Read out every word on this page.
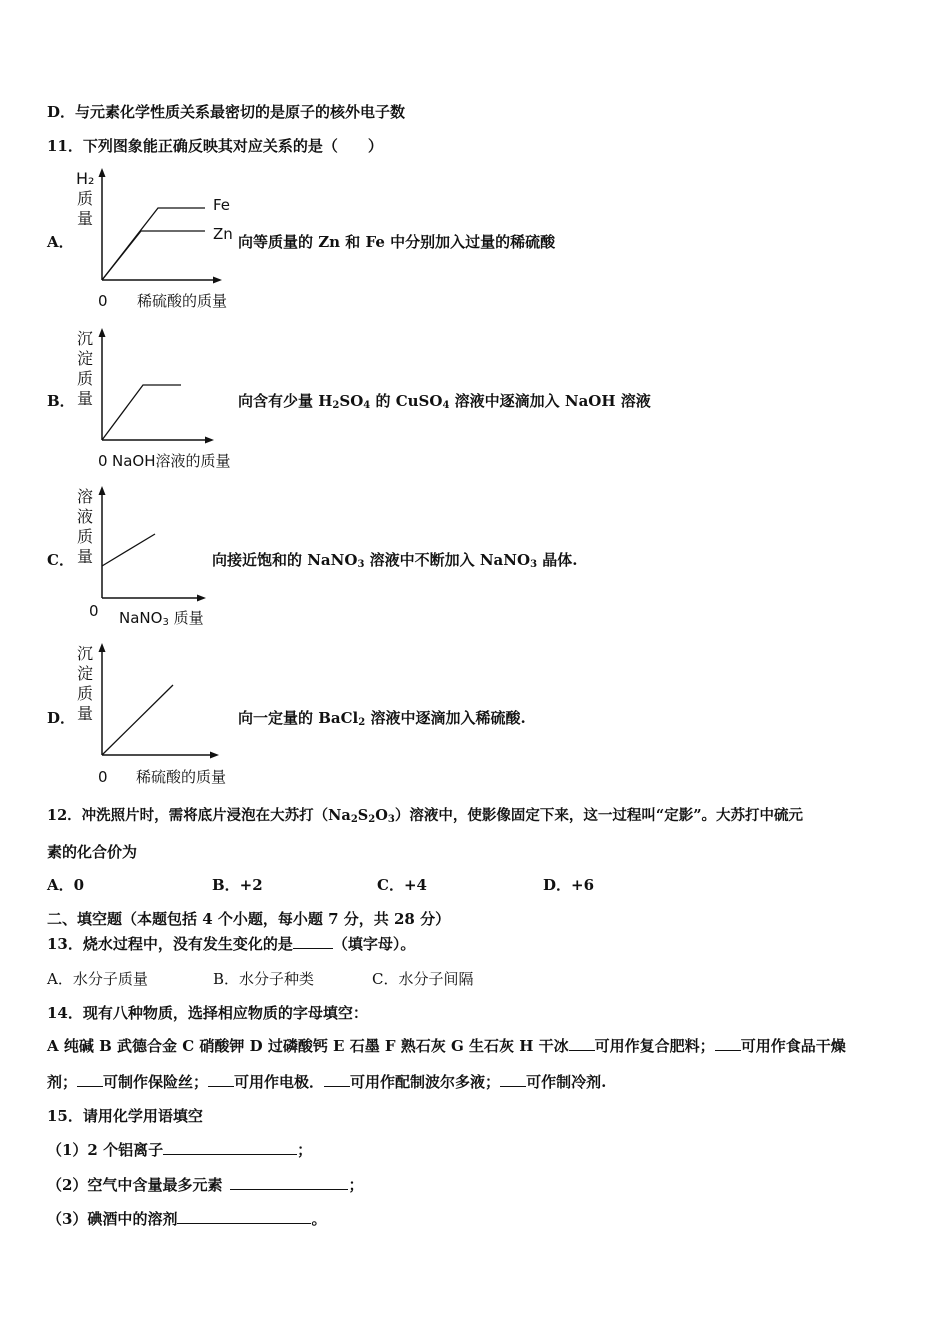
D．与元素化学性质关系最密切的是原子的核外电子数
11．下列图象能正确反映其对应关系的是（　　）
A．
H₂
质
量
Fe
Zn
0 稀硫酸的质量
向等质量的 Zn 和 Fe 中分别加入过量的稀硫酸
B．
沉
淀
质
量
0 NaOH溶液的质量
向含有少量 $H_2SO_4$ 的 CuSO$_4$ 溶液中逐滴加入 NaOH 溶液
C．
溶
液
质
量
0 NaNO$_3$ 质量
向接近饱和的 NaNO$_3$ 溶液中不断加入 NaNO$_3$ 晶体.
D．
沉
淀
质
量
0 稀硫酸的质量
向一定量的 BaCl$_2$ 溶液中逐滴加入稀硫酸.
12．冲洗照片时，需将底片浸泡在大苏打$(Na_2S_2O_3)$溶液中，使影像固定下来，这一过程叫“定影”。大苏打中硫元
素的化合价为
A．0	B．+2	C．+4	D．+6
二、填空题（本题包括 4 个小题，每小题 7 分，共 28 分）
13．烧水过程中，没有发生变化的是	（填字母）。
A．水分子质量	B．水分子种类	C．水分子间隔
14．现有八种物质，选择相应物质的字母填空：
A 纯碱 B 武德合金 C 硝酸钾 D 过磷酸钙 E 石墨 F 熟石灰 G 生石灰 H 干冰 可用作复合肥料； 可用作食品干燥
剂； 可制作保险丝； 可用作电极． 可用作配制波尔多液； 可作制冷剂.
15．请用化学用语填空
（1）2 个铝离子	；
（2）空气中含量最多元素	；
（3）碘酒中的溶剂	。
